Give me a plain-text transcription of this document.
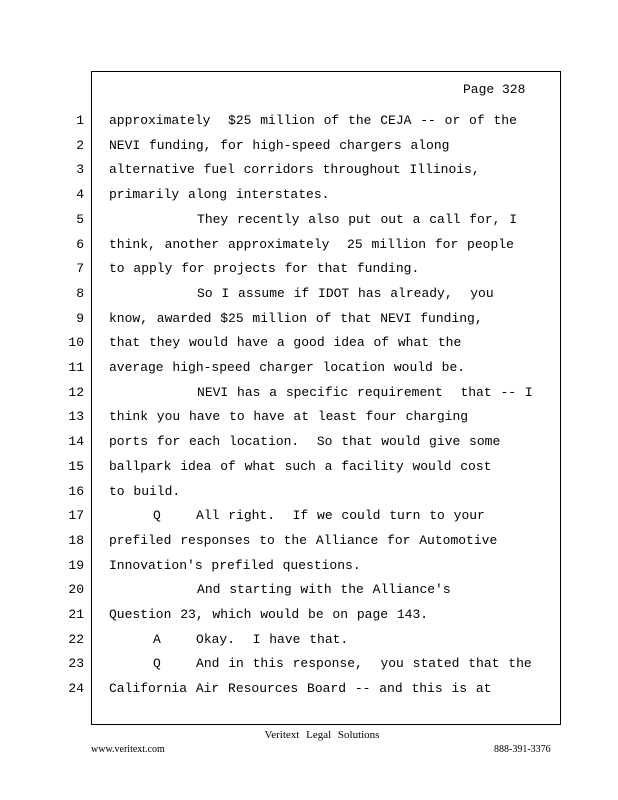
Page 328
1
2
3
4
5
6
7
8
9
10
11
12
13
14
15
16
17
18
19
20
21
22
23
24
approximately  $25 million of the CEJA -- or of the
NEVI funding, for high-speed chargers along
alternative fuel corridors throughout Illinois,
primarily along interstates.
They recently also put out a call for, I
think, another approximately  25 million for people
to apply for projects for that funding.
So I assume if IDOT has already,  you
know, awarded $25 million of that NEVI funding,
that they would have a good idea of what the
average high-speed charger location would be.
NEVI has a specific requirement  that -- I
think you have to have at least four charging
ports for each location.  So that would give some
ballpark idea of what such a facility would cost
to build.
Q    All right.  If we could turn to your
prefiled responses to the Alliance for Automotive
Innovation's prefiled questions.
And starting with the Alliance's
Question 23, which would be on page 143.
A    Okay.  I have that.
Q    And in this response,  you stated that the
California Air Resources Board -- and this is at
Veritext Legal Solutions
www.veritext.com	888-391-3376
